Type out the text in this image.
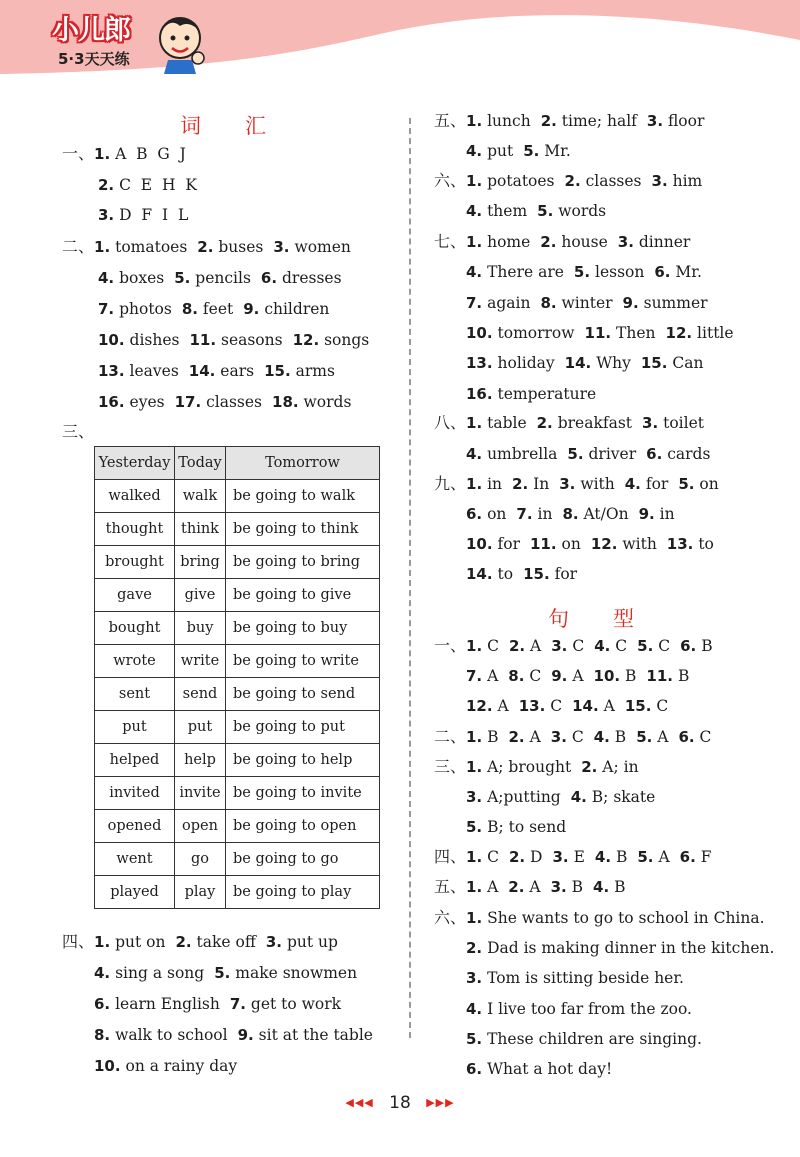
小儿郎
5·3天天练
词汇
一、1. A  B  G  J
2. C  E  H  K
3. D  F  I  L
二、1. tomatoes 2. buses 3. women
4. boxes 5. pencils 6. dresses
7. photos 8. feet 9. children
10. dishes 11. seasons 12. songs
13. leaves 14. ears 15. arms
16. eyes 17. classes 18. words
三、
四、1. put on 2. take off 3. put up
4. sing a song 5. make snowmen
6. learn English 7. get to work
8. walk to school 9. sit at the table
10. on a rainy day
Yesterday	Today	Tomorrow
walked	walk	be going to walk
thought	think	be going to think
brought	bring	be going to bring
gave	give	be going to give
bought	buy	be going to buy
wrote	write	be going to write
sent	send	be going to send
put	put	be going to put
helped	help	be going to help
invited	invite	be going to invite
opened	open	be going to open
went	go	be going to go
played	play	be going to play
句型
五、1. lunch 2. time; half 3. floor
4. put 5. Mr.
六、1. potatoes 2. classes 3. him
4. them 5. words
七、1. home 2. house 3. dinner
4. There are 5. lesson 6. Mr.
7. again 8. winter 9. summer
10. tomorrow 11. Then 12. little
13. holiday 14. Why 15. Can
16. temperature
八、1. table 2. breakfast 3. toilet
4. umbrella 5. driver 6. cards
九、1. in 2. In 3. with 4. for 5. on
6. on 7. in 8. At/On 9. in
10. for 11. on 12. with 13. to
14. to 15. for
一、1. C 2. A 3. C 4. C 5. C 6. B
7. A 8. C 9. A 10. B 11. B
12. A 13. C 14. A 15. C
二、1. B 2. A 3. C 4. B 5. A 6. C
三、1. A; brought 2. A; in
3. A;putting 4. B; skate
5. B; to send
四、1. C 2. D 3. E 4. B 5. A 6. F
五、1. A 2. A 3. B 4. B
六、1. She wants to go to school in China.
2. Dad is making dinner in the kitchen.
3. Tom is sitting beside her.
4. I live too far from the zoo.
5. These children are singing.
6. What a hot day!
◀◀◀ 18 ▶▶▶
